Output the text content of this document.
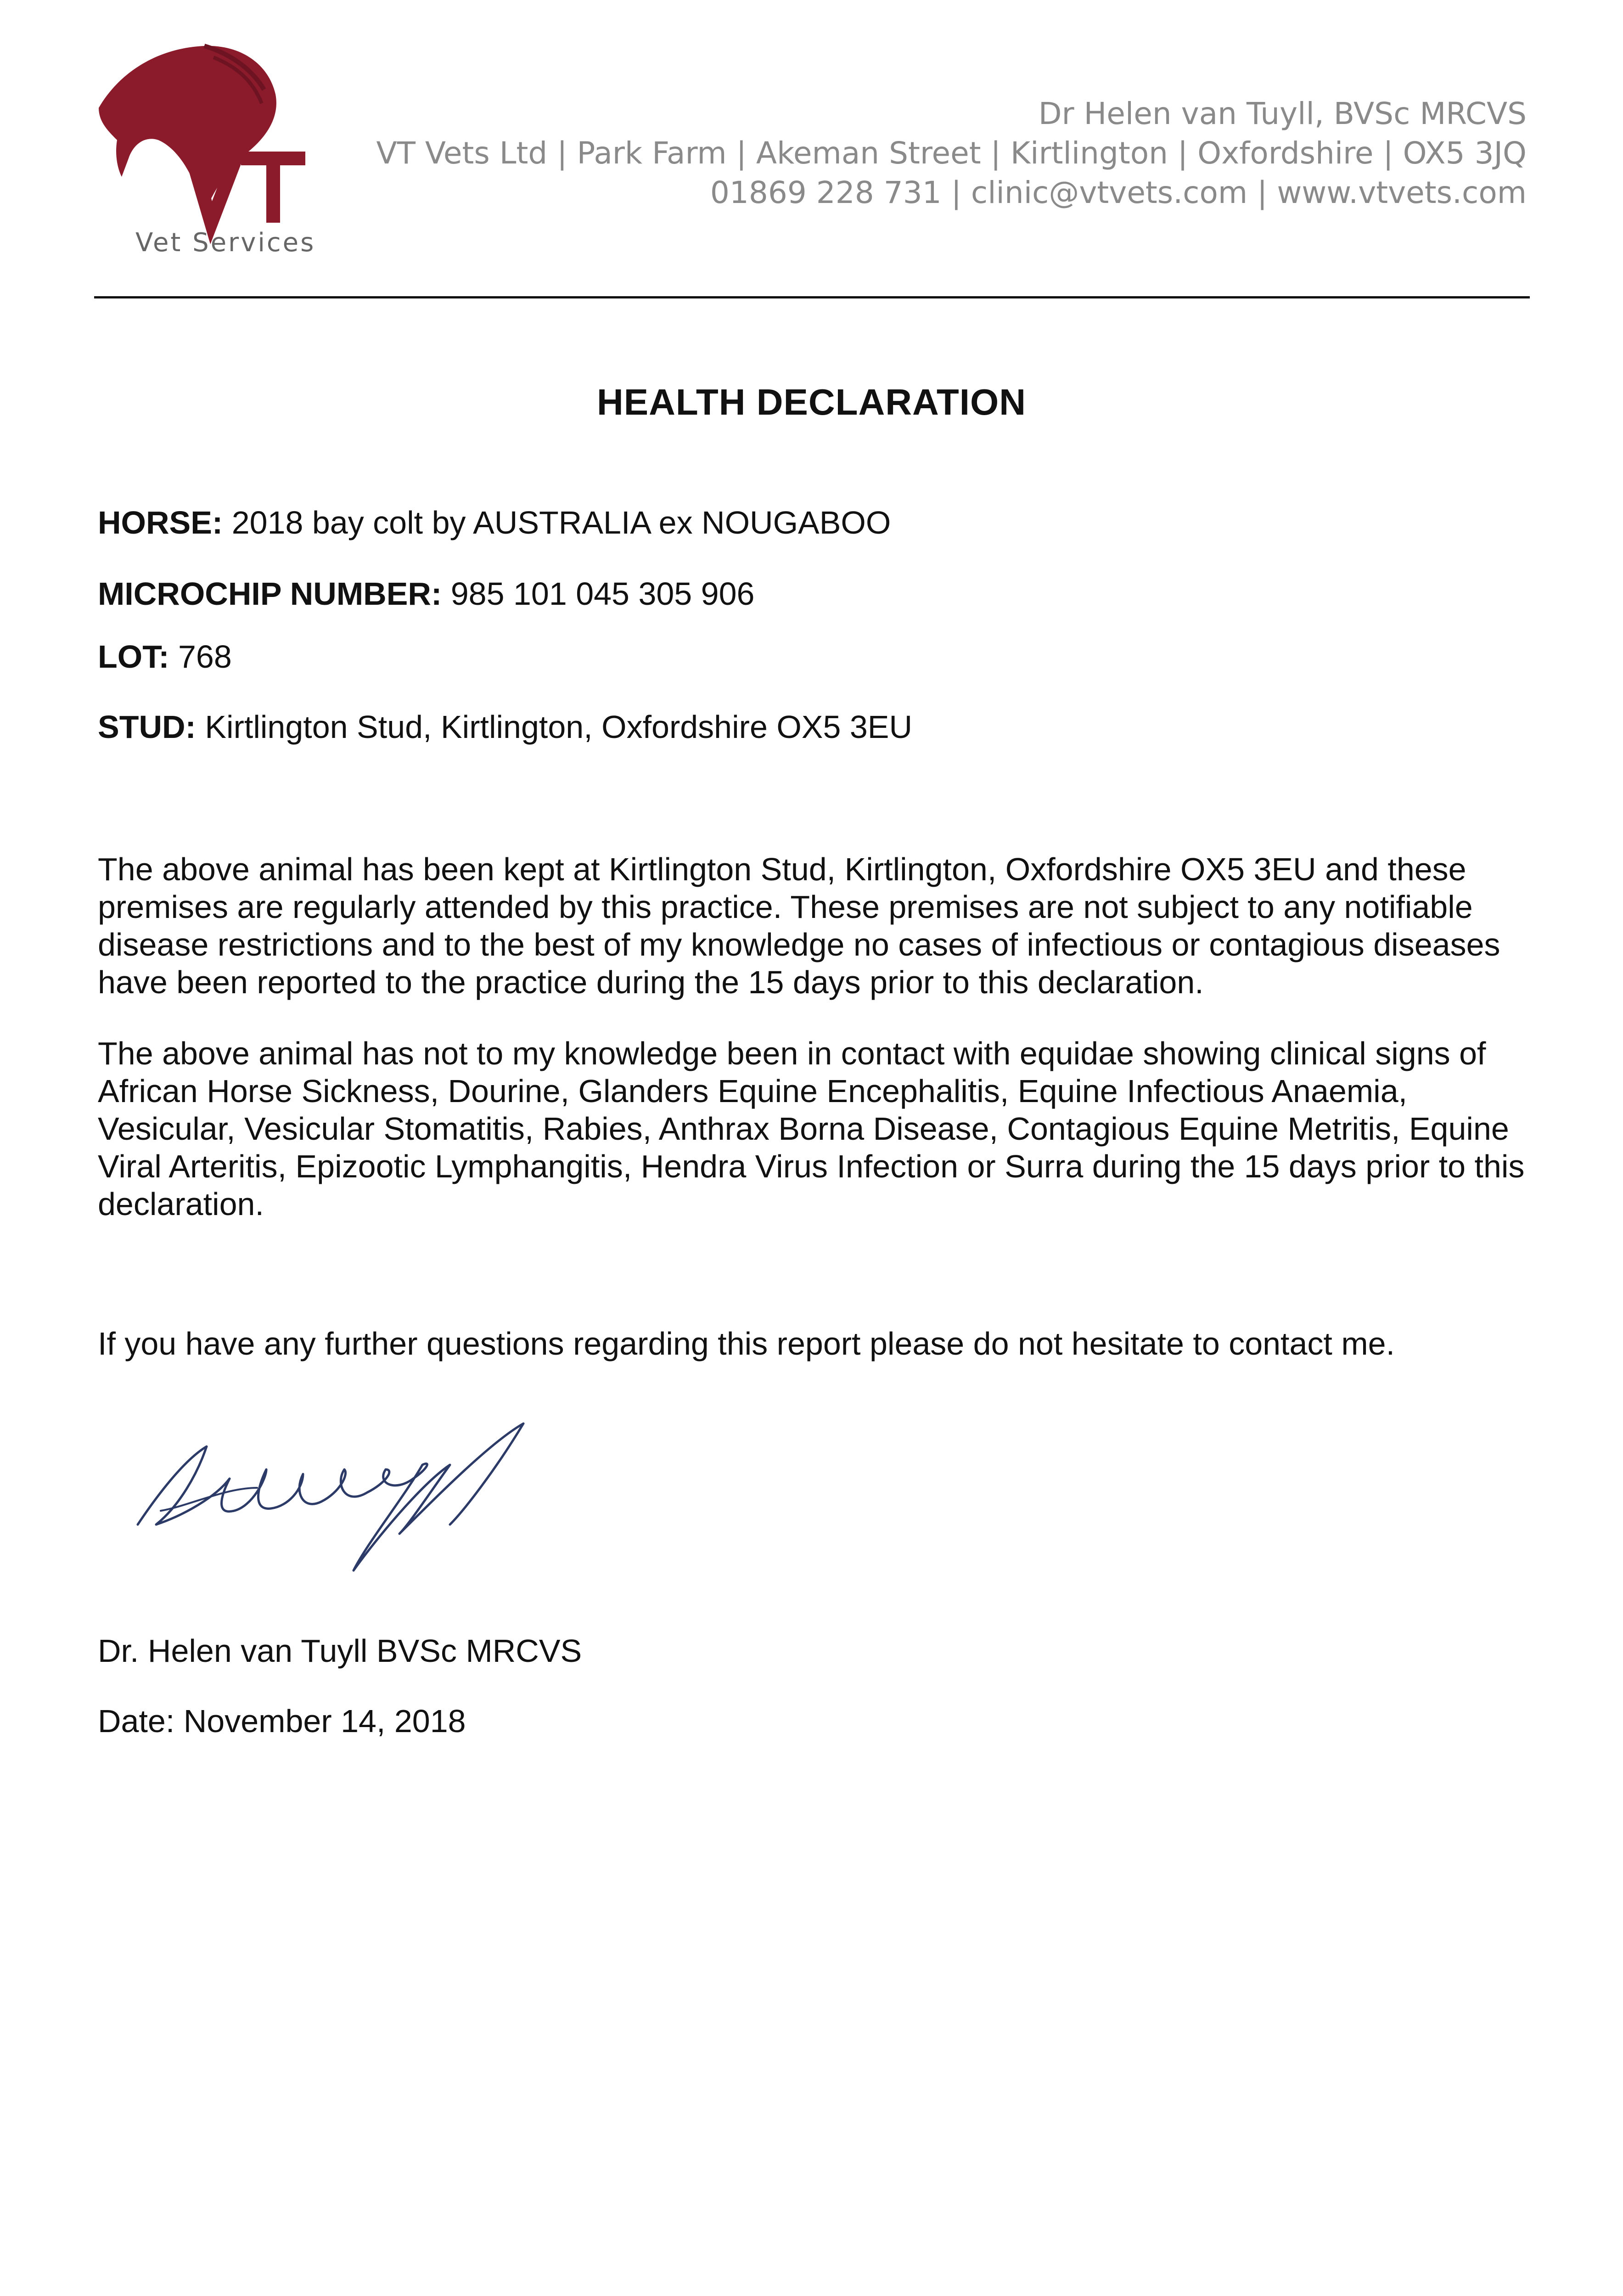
Vet Services
Dr Helen van Tuyll, BVSc MRCVS
VT Vets Ltd | Park Farm | Akeman Street | Kirtlington | Oxfordshire | OX5 3JQ
01869 228 731 | clinic@vtvets.com | www.vtvets.com
HEALTH DECLARATION
HORSE: 2018 bay colt by AUSTRALIA ex NOUGABOO
MICROCHIP NUMBER: 985 101 045 305 906
LOT: 768
STUD: Kirtlington Stud, Kirtlington, Oxfordshire OX5 3EU
The above animal has been kept at Kirtlington Stud, Kirtlington, Oxfordshire OX5 3EU and these premises are regularly attended by this practice. These premises are not subject to any notifiable disease restrictions and to the best of my knowledge no cases of infectious or contagious diseases have been reported to the practice during the 15 days prior to this declaration.
The above animal has not to my knowledge been in contact with equidae showing clinical signs of African Horse Sickness, Dourine, Glanders Equine Encephalitis, Equine Infectious Anaemia, Vesicular, Vesicular Stomatitis, Rabies, Anthrax Borna Disease, Contagious Equine Metritis, Equine Viral Arteritis, Epizootic Lymphangitis, Hendra Virus Infection or Surra during the 15 days prior to this declaration.
If you have any further questions regarding this report please do not hesitate to contact me.
Dr. Helen van Tuyll BVSc MRCVS
Date: November 14, 2018
